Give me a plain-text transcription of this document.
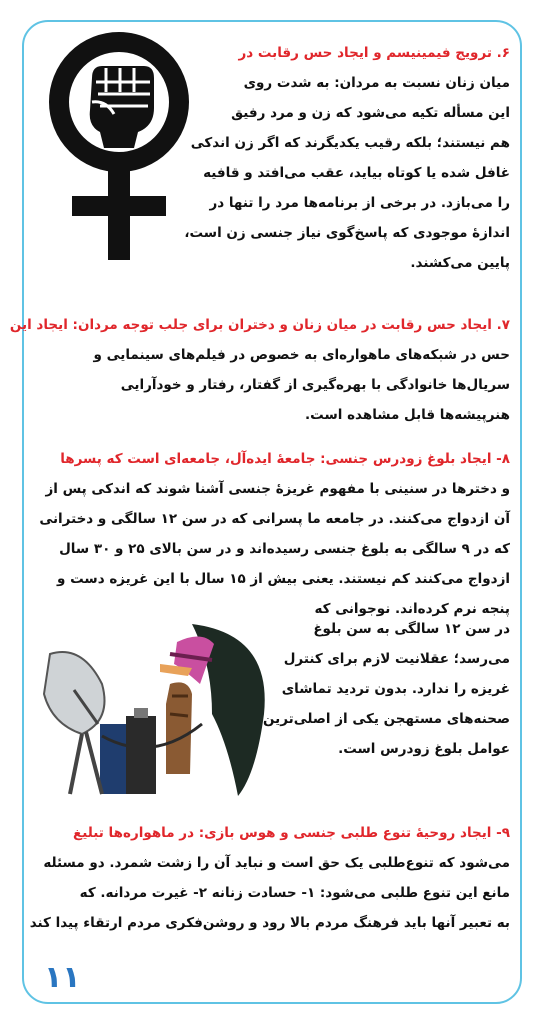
۶. ترویج فیمینیسم و ایجاد حس رقابت در
میان زنان نسبت به مردان: به شدت روی
این مسأله تکیه می‌شود که زن و مرد رفیق
هم نیستند؛ بلکه رقیب یکدیگرند که اگر زن اندکی
غافل شده یا کوتاه بیاید، عقب می‌افتد و قافیه
را می‌بازد. در برخی از برنامه‌ها مرد را تنها در
اندازۀ موجودی که پاسخ‌گوی نیاز جنسی زن است،
پایین می‌کشند.
۷. ایجاد حس رقابت در میان زنان و دختران برای جلب توجه مردان: ایجاد این
حس در شبکه‌های ماهواره‌ای به خصوص در فیلم‌های سینمایی و
سریال‌ها خانوادگی با بهره‌گیری از گفتار، رفتار و خودآرایی
هنرپیشه‌ها قابل مشاهده است.
۸- ایجاد بلوغ زودرس جنسی: جامعۀ ایده‌آل، جامعه‌ای است که پسرها
و دخترها در سنینی با مفهوم غریزۀ جنسی آشنا شوند که اندکی پس از
آن ازدواج می‌کنند. در جامعه ما پسرانی که در سن ۱۲ سالگی و دخترانی
که در ۹ سالگی به بلوغ جنسی رسیده‌اند و در سن بالای ۲۵ و ۳۰ سال
ازدواج می‌کنند کم نیستند. یعنی بیش از ۱۵ سال با این غریزه دست و
پنجه نرم کرده‌اند. نوجوانی که
در سن ۱۲ سالگی به سن بلوغ
می‌رسد؛ عقلانیت لازم برای کنترل
غریزه را ندارد. بدون تردید تماشای
صحنه‌های مستهجن یکی از اصلی‌ترین
عوامل بلوغ زودرس است.
۹- ایجاد روحیۀ تنوع طلبی جنسی و هوس بازی: در ماهواره‌ها تبلیغ
می‌شود که تنوع‌طلبی یک حق است و نباید آن را زشت شمرد. دو مسئله
مانع این تنوع طلبی می‌شود: ۱- حسادت زنانه ۲- غیرت مردانه. که
به تعبیر آنها باید فرهنگ مردم بالا رود و روشن‌فکری مردم ارتقاء پیدا کند
۱۱
